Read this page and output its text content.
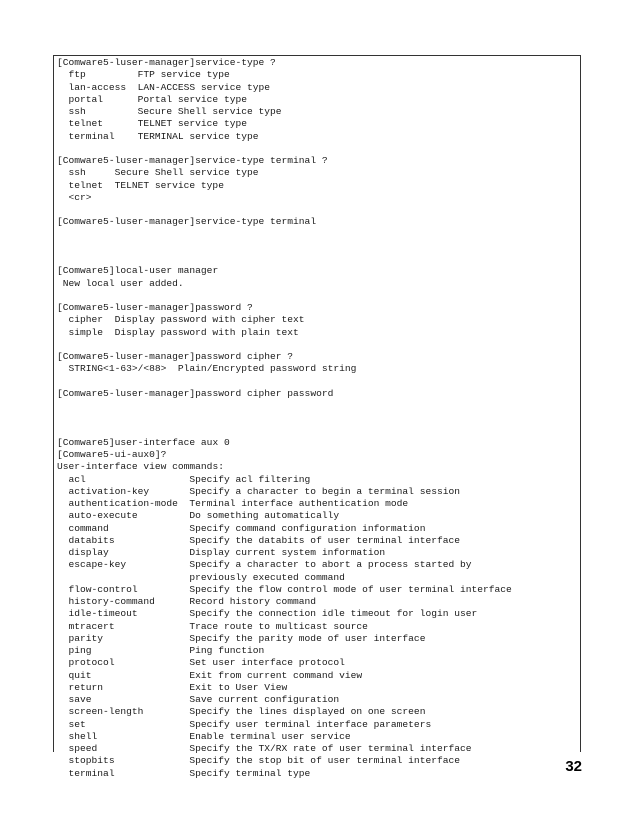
[Comware5-luser-manager]service-type ?
ftp	FTP service type
lan-access LAN-ACCESS service type
portal	Portal service type
ssh	Secure Shell service type
telnet	TELNET service type
terminal TERMINAL service type
[Comware5-luser-manager]service-type terminal ?
ssh	Secure Shell service type
telnet TELNET service type
<cr>
[Comware5-luser-manager]service-type terminal
[Comware5]local-user manager
New local user added.
[Comware5-luser-manager]password ?
cipher Display password with cipher text
simple Display password with plain text
[Comware5-luser-manager]password cipher ?
STRING<1-63>/<88> Plain/Encrypted password string
[Comware5-luser-manager]password cipher password
[Comware5]user-interface aux 0
[Comware5-ui-aux0]?
User-interface view commands:
acl	Specify acl filtering
activation-key	Specify a character to begin a terminal session
authentication-mode Terminal interface authentication mode
auto-execute	Do something automatically
command	Specify command configuration information
databits	Specify the databits of user terminal interface
display	Display current system information
escape-key	Specify a character to abort a process started by
previously executed command
flow-control	Specify the flow control mode of user terminal interface
history-command	Record history command
idle-timeout	Specify the connection idle timeout for login user
mtracert	Trace route to multicast source
parity	Specify the parity mode of user interface
ping	Ping function
protocol	Set user interface protocol
quit	Exit from current command view
return	Exit to User View
save	Save current configuration
screen-length	Specify the lines displayed on one screen
set	Specify user terminal interface parameters
shell	Enable terminal user service
speed	Specify the TX/RX rate of user terminal interface
stopbits	Specify the stop bit of user terminal interface
terminal	Specify terminal type	32
